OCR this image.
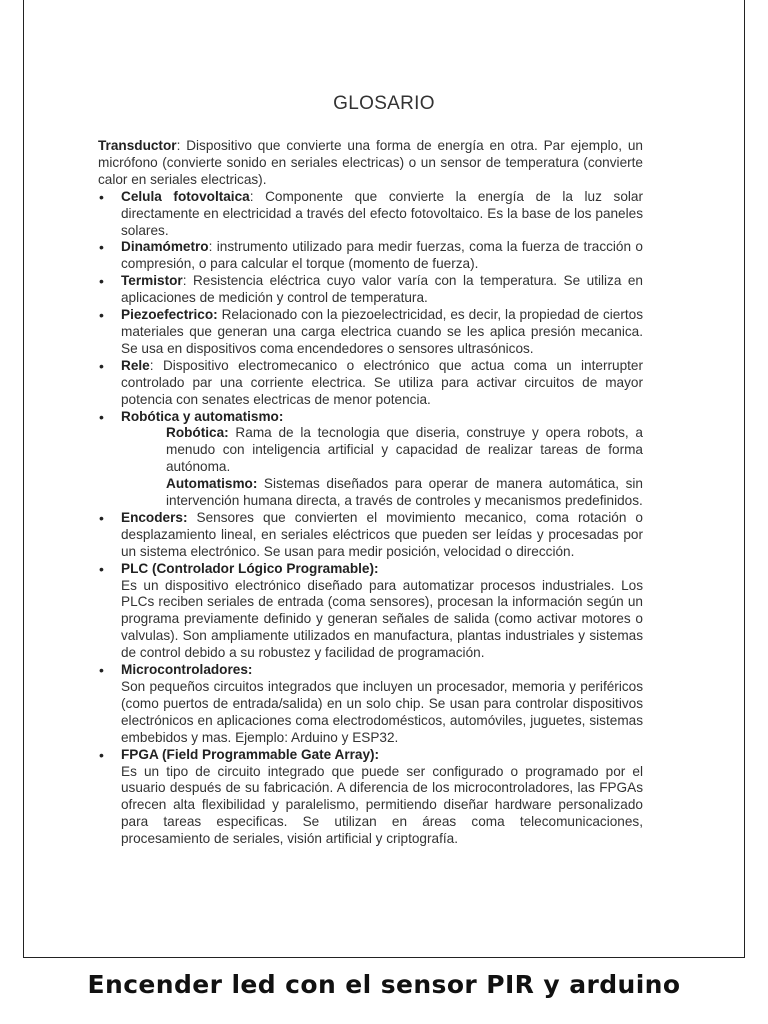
GLOSARIO

Transductor: Dispositivo que convierte una forma de energía en otra. Par ejemplo, un micrófono (convierte sonido en seriales electricas) o un sensor de temperatura (convierte calor en seriales electricas).

• Celula fotovoltaica: Componente que convierte la energía de la luz solar directamente en electricidad a través del efecto fotovoltaico. Es la base de los paneles solares.
• Dinamómetro: instrumento utilizado para medir fuerzas, coma la fuerza de tracción o compresión, o para calcular el torque (momento de fuerza).
• Termistor: Resistencia eléctrica cuyo valor varía con la temperatura. Se utiliza en aplicaciones de medición y control de temperatura.
• Piezoefectrico: Relacionado con la piezoelectricidad, es decir, la propiedad de ciertos materiales que generan una carga electrica cuando se les aplica presión mecanica. Se usa en dispositivos coma encendedores o sensores ultrasónicos.
• Rele: Dispositivo electromecanico o electrónico que actua coma un interrupter controlado par una corriente electrica. Se utiliza para activar circuitos de mayor potencia con senates electricas de menor potencia.
• Robótica y automatismo:
Robótica: Rama de la tecnologia que diseria, construye y opera robots, a menudo con inteligencia artificial y capacidad de realizar tareas de forma autónoma.
Automatismo: Sistemas diseñados para operar de manera automática, sin intervención humana directa, a través de controles y mecanismos predefinidos.
• Encoders: Sensores que convierten el movimiento mecanico, coma rotación o desplazamiento lineal, en seriales eléctricos que pueden ser leídas y procesadas por un sistema electrónico. Se usan para medir posición, velocidad o dirección.
• PLC (Controlador Lógico Programable):
Es un dispositivo electrónico diseñado para automatizar procesos industriales. Los PLCs reciben seriales de entrada (coma sensores), procesan la información según un programa previamente definido y generan señales de salida (como activar motores o valvulas). Son ampliamente utilizados en manufactura, plantas industriales y sistemas de control debido a su robustez y facilidad de programación.
• Microcontroladores:
Son pequeños circuitos integrados que incluyen un procesador, memoria y periféricos (como puertos de entrada/salida) en un solo chip. Se usan para controlar dispositivos electrónicos en aplicaciones coma electrodomésticos, automóviles, juguetes, sistemas embebidos y mas. Ejemplo: Arduino y ESP32.
• FPGA (Field Programmable Gate Array):
Es un tipo de circuito integrado que puede ser configurado o programado por el usuario después de su fabricación. A diferencia de los microcontroladores, las FPGAs ofrecen alta flexibilidad y paralelismo, permitiendo diseñar hardware personalizado para tareas especificas. Se utilizan en áreas coma telecomunicaciones, procesamiento de seriales, visión artificial y criptografía.
Encender led con el sensor PIR y arduino
